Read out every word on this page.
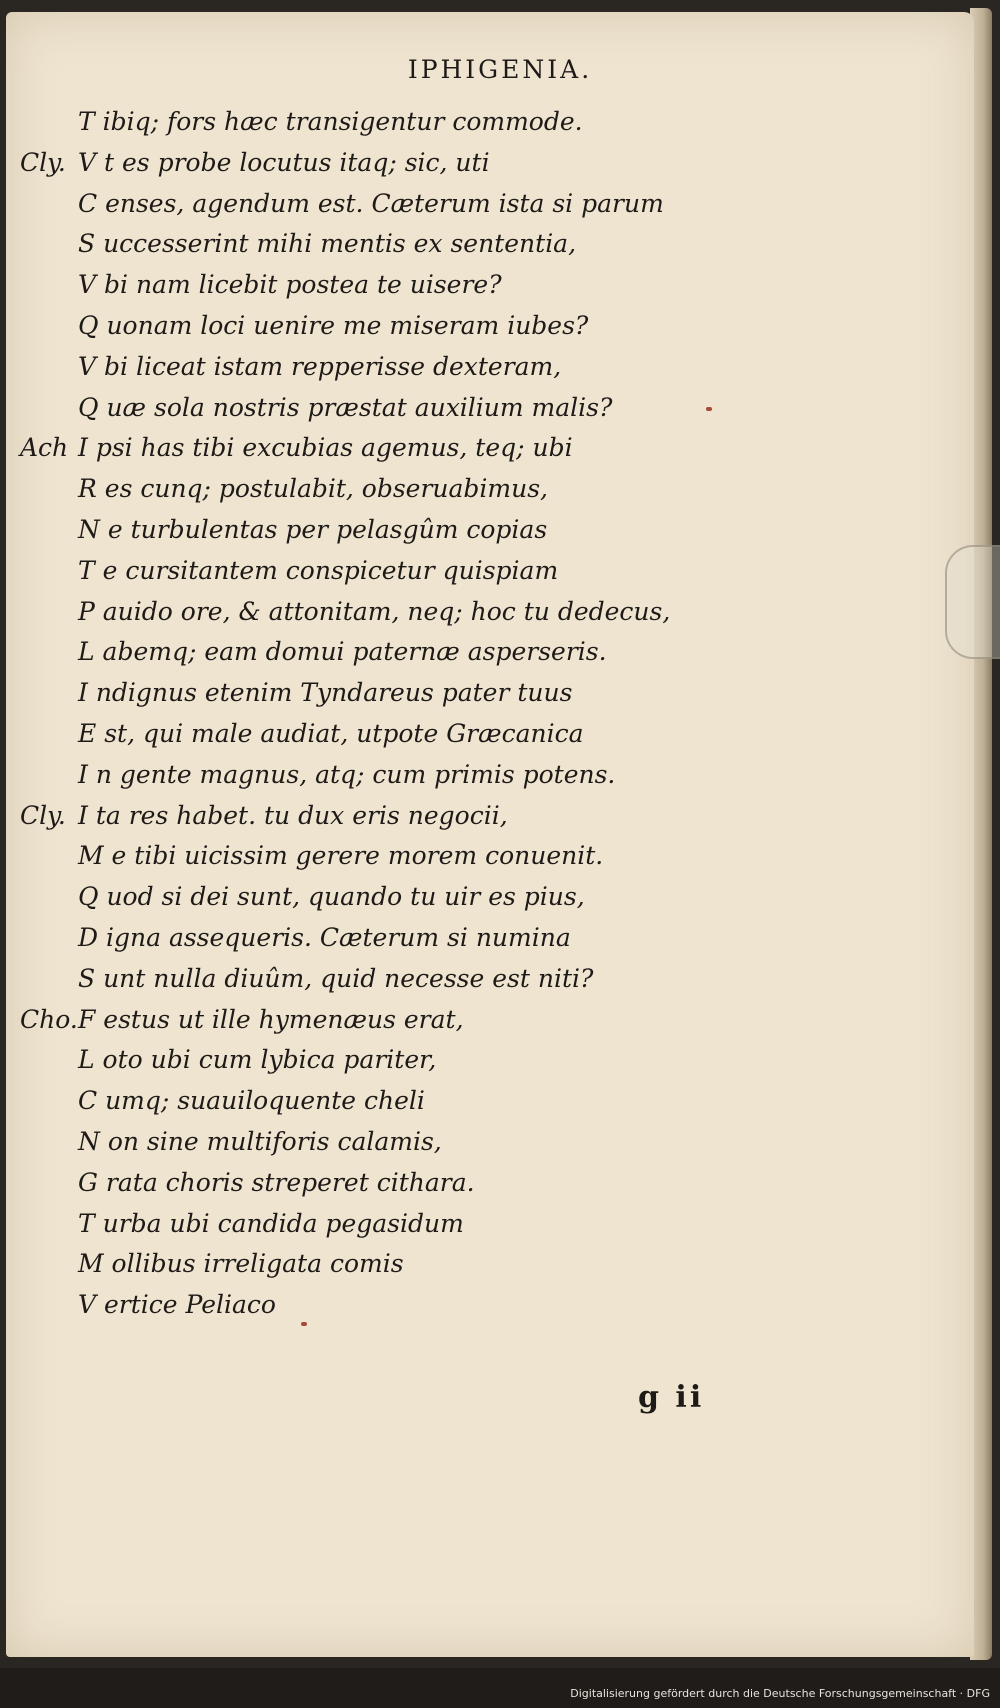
IPHIGENIA.
T ibiq; fors hæc transigentur commode.
Cly. V t es probe locutus itaq; sic, uti
C enses, agendum est. Cæterum ista si parum
S uccesserint mihi mentis ex sententia,
V bi nam licebit postea te uisere?
Q uonam loci uenire me miseram iubes?
V bi liceat istam repperisse dexteram,
Q uæ sola nostris præstat auxilium malis?
Ach I psi has tibi excubias agemus, teq; ubi
R es cunq; postulabit, obseruabimus,
N e turbulentas per pelasgûm copias
T e cursitantem conspicetur quispiam
P auido ore, & attonitam, neq; hoc tu dedecus,
L abemq; eam domui paternæ asperseris.
I ndignus etenim Tyndareus pater tuus
E st, qui male audiat, utpote Græcanica
I n gente magnus, atq; cum primis potens.
Cly. I ta res habet. tu dux eris negocii,
M e tibi uicissim gerere morem conuenit.
Q uod si dei sunt, quando tu uir es pius,
D igna assequeris. Cæterum si numina
S unt nulla diuûm, quid necesse est niti?
Cho. F estus ut ille hymenæus erat,
L oto ubi cum lybica pariter,
C umq; suauiloquente cheli
N on sine multiforis calamis,
G rata choris streperet cithara.
T urba ubi candida pegasidum
M ollibus irreligata comis
V ertice Peliaco
g ii
Digitalisierung gefördert durch die Deutsche Forschungsgemeinschaft · DFG
